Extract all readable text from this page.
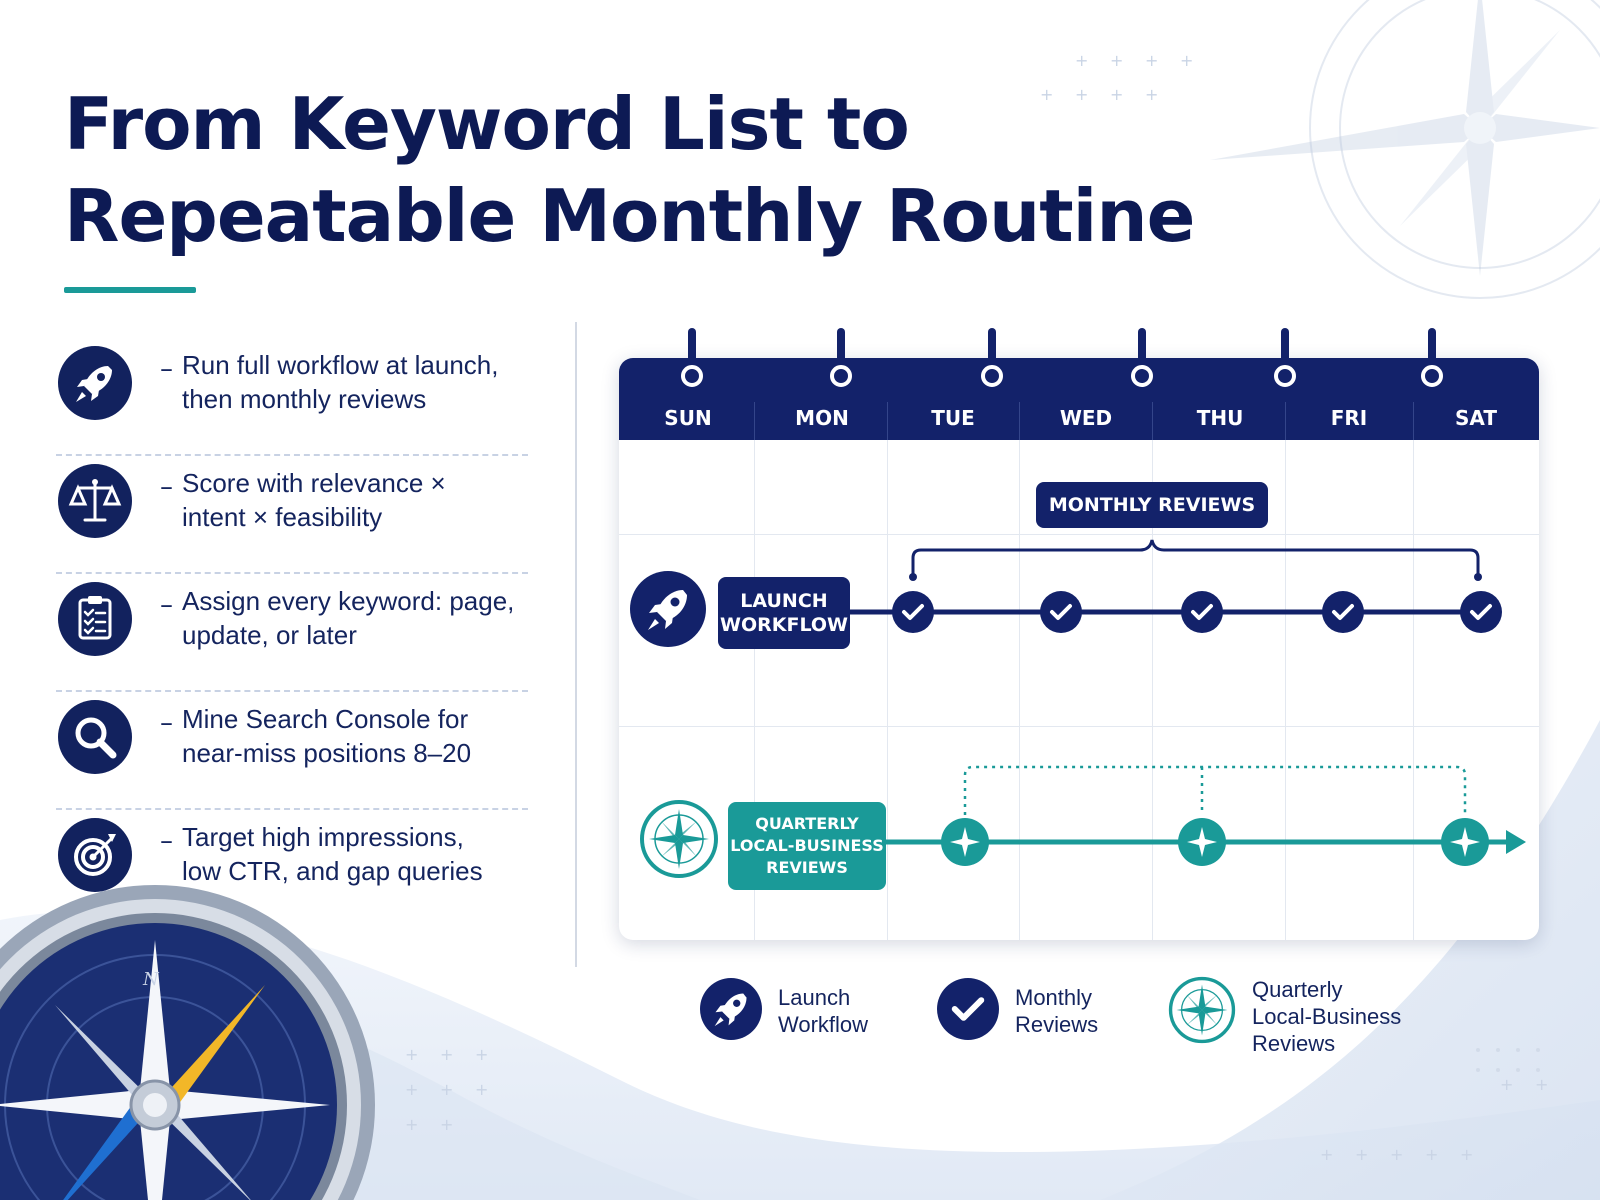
+ + +
+ + +
+
+
+ + +
+ + +
+ +
+ + + + +
+ +
N
From Keyword List to
Repeatable Monthly Routine
– Run full workflow at launch,
then monthly reviews
– Score with relevance ×
intent × feasibility
– Assign every keyword: page,
update, or later
– Mine Search Console for
near-miss positions 8–20
– Target high impressions,
low CTR, and gap queries
SUN	MON	TUE	WED	THU	FRI	SAT
LAUNCH
WORKFLOW
MONTHLY REVIEWS
QUARTERLY
LOCAL-BUSINESS
REVIEWS
Launch
Workflow
Monthly
Reviews
Quarterly
Local-Business
Reviews
